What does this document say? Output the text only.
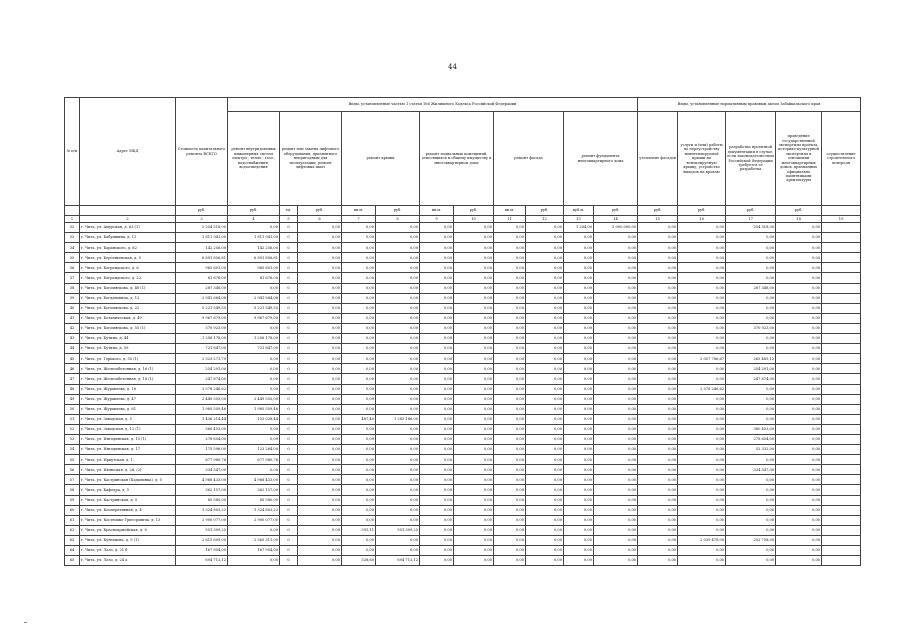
44
№ п/п	Адрес МКД	Стоимость капитального ремонта ВСЕГО	Виды, установленные частью 1 статьи 166 Жилищного Кодекса Российской Федерации											Виды, установленные нормативным правовым актом Забайкальского края				
			ремонт внутридомовых инженерных систем электро-, тепло-, газо-, водоснабжения, водоотведения	ремонт или замена лифтового оборудования, признанного непригодным для эксплуатации, ремонт лифтовых шахт		ремонт крыши		ремонт подвальных помещений, относящихся к общему имуществу в многоквартирном доме		ремонт фасада		ремонт фундамента многоквартирного дома		утепление фасадов	услуги и (или) работы по переустройству невентилируемой крыши на вентилируемую крышу, устройство выходов на кровлю	разработка проектной документации в случае, если законодательством Российской Федерации требуется ее разработка	проведение государственной экспертизы проекта, историко-культурной экспертизы в отношении многоквартирных домов, признанных официально памятниками архитектуры	осуществление строительного контроля
		руб.	руб.	ед.	руб.	кв.м.	руб.	кв.м.	руб.	кв.м.	руб.	куб.м.	руб.	руб.	руб.	руб.	руб.	
1	2	3	4	5	6	7	8	9	10	11	12	13	14	15	16	17	18	19
32	г. Чита, ул. Амурская, д. 63 (1)	2 254 518,00	0,00	0	0,00	0,00	0,00	0,00	0,00	0,00	0,00	1 204,00	2 000 000,00	0,00	0,00	254 518,00	0,00	
33	г. Чита, ул. Бабушкина, д. 12	1 811 941,00	1 811 941,00	0	0,00	0,00	0,00	0,00	0,00	0,00	0,00	0,00	0,00	0,00	0,00	0,00	0,00	
34	г. Чита, ул. Баранского, д. 82	142 256,00	142 256,00	0	0,00	0,00	0,00	0,00	0,00	0,00	0,00	0,00	0,00	0,00	0,00	0,00	0,00	
35	г. Чита, ул. Берсеньевская, д. 5	6 891 856,81	6 891 856,81	0	0,00	0,00	0,00	0,00	0,00	0,00	0,00	0,00	0,00	0,00	0,00	0,00	0,00	
36	г. Чита, ул. Бограндского, д. 6	965 601,00	965 601,00	0	0,00	0,00	0,00	0,00	0,00	0,00	0,00	0,00	0,00	0,00	0,00	0,00	0,00	
37	г. Чита, ул. Бограндского, д. 22	81 676,00	81 676,00	0	0,00	0,00	0,00	0,00	0,00	0,00	0,00	0,00	0,00	0,00	0,00	0,00	0,00	
38	г. Чита, ул. Богомягкова, д. 48 (1)	287 348,00	0,00	0	0,00	0,00	0,00	0,00	0,00	0,00	0,00	0,00	0,00	0,00	0,00	287 348,00	0,00	
39	г. Чита, ул. Богдановича, д. 12	2 941 684,08	2 941 684,08	0	0,00	0,00	0,00	0,00	0,00	0,00	0,00	0,00	0,00	0,00	0,00	0,00	0,00	
40	г. Чита, ул. Богомягкова, д. 22	5 221 549,55	5 221 549,55	0	0,00	0,00	0,00	0,00	0,00	0,00	0,00	0,00	0,00	0,00	0,00	0,00	0,00	
41	г. Чита, ул. Ботаническая, д. 49	9 967 679,00	9 967 679,00	0	0,00	0,00	0,00	0,00	0,00	0,00	0,00	0,00	0,00	0,00	0,00	0,00	0,00	
42	г. Чита, ул. Богомягкова, д. 55 (1)	370 923,00	0,00	0	0,00	0,00	0,00	0,00	0,00	0,00	0,00	0,00	0,00	0,00	0,00	370 923,00	0,00	
43	г. Чита, ул. Бутина, д. 44	1 256 178,00	1 256 178,00	0	0,00	0,00	0,00	0,00	0,00	0,00	0,00	0,00	0,00	0,00	0,00	0,00	0,00	
44	г. Чита, ул. Бутина, д. 59	721 847,00	721 847,00	0	0,00	0,00	0,00	0,00	0,00	0,00	0,00	0,00	0,00	0,00	0,00	0,00	0,00	
45	г. Чита, ул. Горького, д. 55 (1)	2 323 271,79	0,00	0	0,00	0,00	0,00	0,00	0,00	0,00	0,00	0,00	0,00	0,00	2 057 786,67	265 485,12	0,00	
46	г. Чита, ул. Железобетонная, д. 16 (1)	254 291,00	0,00	0	0,00	0,00	0,00	0,00	0,00	0,00	0,00	0,00	0,00	0,00	0,00	254 291,00	0,00	
47	г. Чита, ул. Железобетонная, д. 18 (1)	247 874,00	0,00	0	0,00	0,00	0,00	0,00	0,00	0,00	0,00	0,00	0,00	0,00	0,00	247 874,00	0,00	
48	г. Чита, ул. Журавлева, д. 16	2 578 246,62	0,00	0	0,00	0,00	0,00	0,00	0,00	0,00	0,00	0,00	0,00	0,00	2 578 246,62	0,00	0,00	
49	г. Чита, ул. Журавлева, д. 47	2 449 555,00	2 449 555,00	0	0,00	0,00	0,00	0,00	0,00	0,00	0,00	0,00	0,00	0,00	0,00	0,00	0,00	
50	г. Чита, ул. Журавлева, д. 61	1 985 559,46	1 985 559,46	0	0,00	0,00	0,00	0,00	0,00	0,00	0,00	0,00	0,00	0,00	0,00	0,00	0,00	
51	г. Чита, ул. Заводская, д. 5	1 436 214,44	153 028,44	0	0,00	487,40	1 283 186,00	0,00	0,00	0,00	0,00	0,00	0,00	0,00	0,00	0,00	0,00	
52	г. Чита, ул. Заводская, д. 12 (1)	360 453,00	0,00	0	0,00	0,00	0,00	0,00	0,00	0,00	0,00	0,00	0,00	0,00	0,00	360 453,00	0,00	
53	г. Чита, ул. Ингодинская, д. 15 (1)	278 654,00	0,00	0	0,00	0,00	0,00	0,00	0,00	0,00	0,00	0,00	0,00	0,00	0,00	278 654,00	0,00	
54	г. Чита, ул. Ингодинская, д. 17	175 596,00	123 264,00	0	0,00	0,00	0,00	0,00	0,00	0,00	0,00	0,00	0,00	0,00	0,00	52 332,00	0,00	
55	г. Чита, ул. Иркутская, д. 1	677 980,76	677 980,76	0	0,00	0,00	0,00	0,00	0,00	0,00	0,00	0,00	0,00	0,00	0,00	0,00	0,00	
56	г. Чита, ул. Июньская, д. 28, (2)	334 547,00	0,00	0	0,00	0,00	0,00	0,00	0,00	0,00	0,00	0,00	0,00	0,00	0,00	334 547,00	0,00	
57	г. Чита, ул. Кастринская (Кадалинка), д. 5	4 968 433,00	4 968 433,00	0	0,00	0,00	0,00	0,00	0,00	0,00	0,00	0,00	0,00	0,00	0,00	0,00	0,00	
58	г. Чита, ул. Кафедра, д. 5	362 157,00	362 157,00	0	0,00	0,00	0,00	0,00	0,00	0,00	0,00	0,00	0,00	0,00	0,00	0,00	0,00	
59	г. Чита, ул. Кастринская, д. 5	85 580,00	85 580,00	0	0,00	0,00	0,00	0,00	0,00	0,00	0,00	0,00	0,00	0,00	0,00	0,00	0,00	
60	г. Чита, ул. Кооперативная, д. 4	1 324 803,23	1 324 803,23	0	0,00	0,00	0,00	0,00	0,00	0,00	0,00	0,00	0,00	0,00	0,00	0,00	0,00	
61	г. Чита, ул. Костюшко-Григоровича, д. 13	2 900 077,00	2 900 077,00	0	0,00	0,00	0,00	0,00	0,00	0,00	0,00	0,00	0,00	0,00	0,00	0,00	0,00	
62	г. Чита, ул. Красноармейская, д. 8	551 309,25	0,00	0	0,00	391,11	551 309,25	0,00	0,00	0,00	0,00	0,00	0,00	0,00	0,00	0,00	0,00	
63	г. Чита, ул. Кузнецова, д. 9 (1)	2 815 609,00	2 565 311,00	0	0,00	0,00	0,00	0,00	0,00	0,00	0,00	0,00	0,00	0,00	2 039 478,00	202 758,00	0,00	
64	г. Чита, ул. Лазо, д. 21 б	167 954,00	167 954,00	0	0,00	0,00	0,00	0,00	0,00	0,00	0,00	0,00	0,00	0,00	0,00	0,00	0,00	
65	г. Чита, ул. Лазо, д. 24 а	604 713,12	0,00	0	0,00	328,60	604 713,12	0,00	0,00	0,00	0,00	0,00	0,00	0,00	0,00	0,00	0,00	
